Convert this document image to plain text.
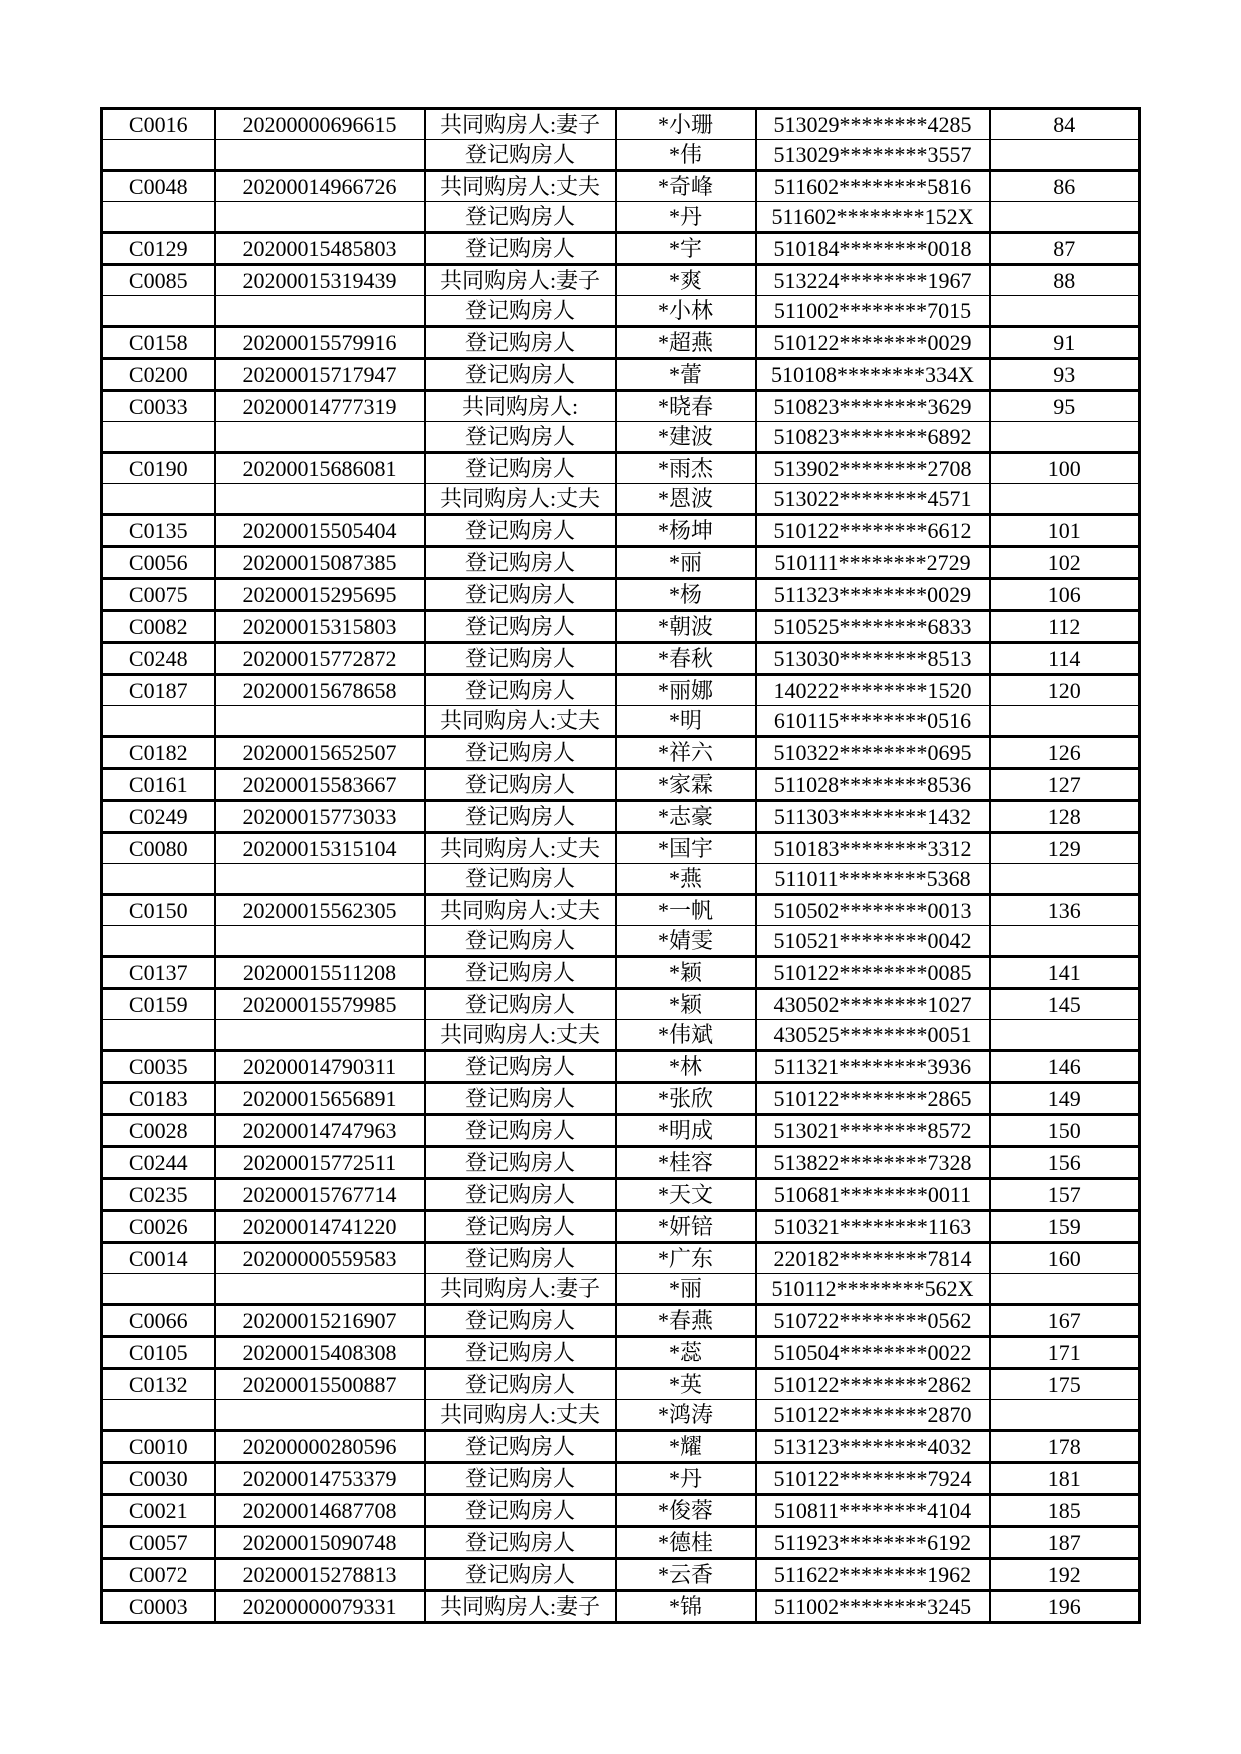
C0016	20200000696615	共同购房人:妻子	*小珊	513029********4285	84
		登记购房人	*伟	513029********3557	
C0048	20200014966726	共同购房人:丈夫	*奇峰	511602********5816	86
		登记购房人	*丹	511602********152X	
C0129	20200015485803	登记购房人	*宇	510184********0018	87
C0085	20200015319439	共同购房人:妻子	*爽	513224********1967	88
		登记购房人	*小林	511002********7015	
C0158	20200015579916	登记购房人	*超燕	510122********0029	91
C0200	20200015717947	登记购房人	*蕾	510108********334X	93
C0033	20200014777319	共同购房人:	*晓春	510823********3629	95
		登记购房人	*建波	510823********6892	
C0190	20200015686081	登记购房人	*雨杰	513902********2708	100
		共同购房人:丈夫	*恩波	513022********4571	
C0135	20200015505404	登记购房人	*杨坤	510122********6612	101
C0056	20200015087385	登记购房人	*丽	510111********2729	102
C0075	20200015295695	登记购房人	*杨	511323********0029	106
C0082	20200015315803	登记购房人	*朝波	510525********6833	112
C0248	20200015772872	登记购房人	*春秋	513030********8513	114
C0187	20200015678658	登记购房人	*丽娜	140222********1520	120
		共同购房人:丈夫	*明	610115********0516	
C0182	20200015652507	登记购房人	*祥六	510322********0695	126
C0161	20200015583667	登记购房人	*家霖	511028********8536	127
C0249	20200015773033	登记购房人	*志豪	511303********1432	128
C0080	20200015315104	共同购房人:丈夫	*国宇	510183********3312	129
		登记购房人	*燕	511011********5368	
C0150	20200015562305	共同购房人:丈夫	*一帆	510502********0013	136
		登记购房人	*婧雯	510521********0042	
C0137	20200015511208	登记购房人	*颖	510122********0085	141
C0159	20200015579985	登记购房人	*颖	430502********1027	145
		共同购房人:丈夫	*伟斌	430525********0051	
C0035	20200014790311	登记购房人	*林	511321********3936	146
C0183	20200015656891	登记购房人	*张欣	510122********2865	149
C0028	20200014747963	登记购房人	*明成	513021********8572	150
C0244	20200015772511	登记购房人	*桂容	513822********7328	156
C0235	20200015767714	登记购房人	*天文	510681********0011	157
C0026	20200014741220	登记购房人	*妍锫	510321********1163	159
C0014	20200000559583	登记购房人	*广东	220182********7814	160
		共同购房人:妻子	*丽	510112********562X	
C0066	20200015216907	登记购房人	*春燕	510722********0562	167
C0105	20200015408308	登记购房人	*蕊	510504********0022	171
C0132	20200015500887	登记购房人	*英	510122********2862	175
		共同购房人:丈夫	*鸿涛	510122********2870	
C0010	20200000280596	登记购房人	*耀	513123********4032	178
C0030	20200014753379	登记购房人	*丹	510122********7924	181
C0021	20200014687708	登记购房人	*俊蓉	510811********4104	185
C0057	20200015090748	登记购房人	*德桂	511923********6192	187
C0072	20200015278813	登记购房人	*云香	511622********1962	192
C0003	20200000079331	共同购房人:妻子	*锦	511002********3245	196
